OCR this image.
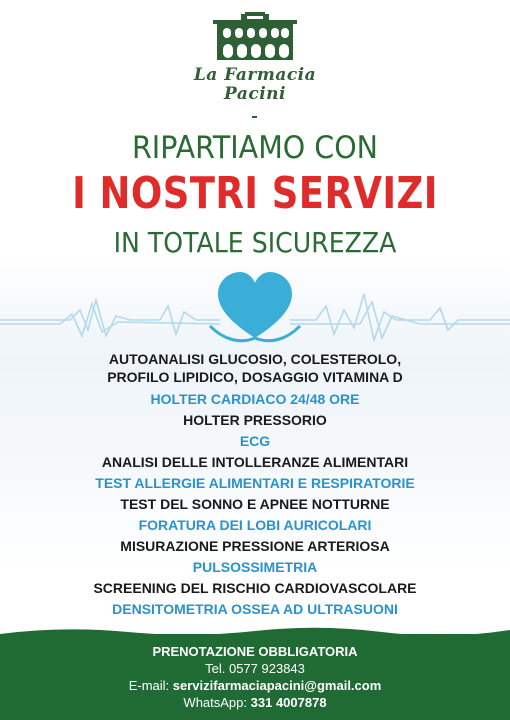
La Farmacia
Pacini
RIPARTIAMO CON
I NOSTRI SERVIZI
IN TOTALE SICUREZZA
AUTOANALISI GLUCOSIO, COLESTEROLO,
PROFILO LIPIDICO, DOSAGGIO VITAMINA D
HOLTER CARDIACO 24/48 ORE
HOLTER PRESSORIO
ECG
ANALISI DELLE INTOLLERANZE ALIMENTARI
TEST ALLERGIE ALIMENTARI E RESPIRATORIE
TEST DEL SONNO E APNEE NOTTURNE
FORATURA DEI LOBI AURICOLARI
MISURAZIONE PRESSIONE ARTERIOSA
PULSOSSIMETRIA
SCREENING DEL RISCHIO CARDIOVASCOLARE
DENSITOMETRIA OSSEA AD ULTRASUONI
PRENOTAZIONE OBBLIGATORIA
Tel. 0577 923843
E-mail: servizifarmaciapacini@gmail.com
WhatsApp: 331 4007878
